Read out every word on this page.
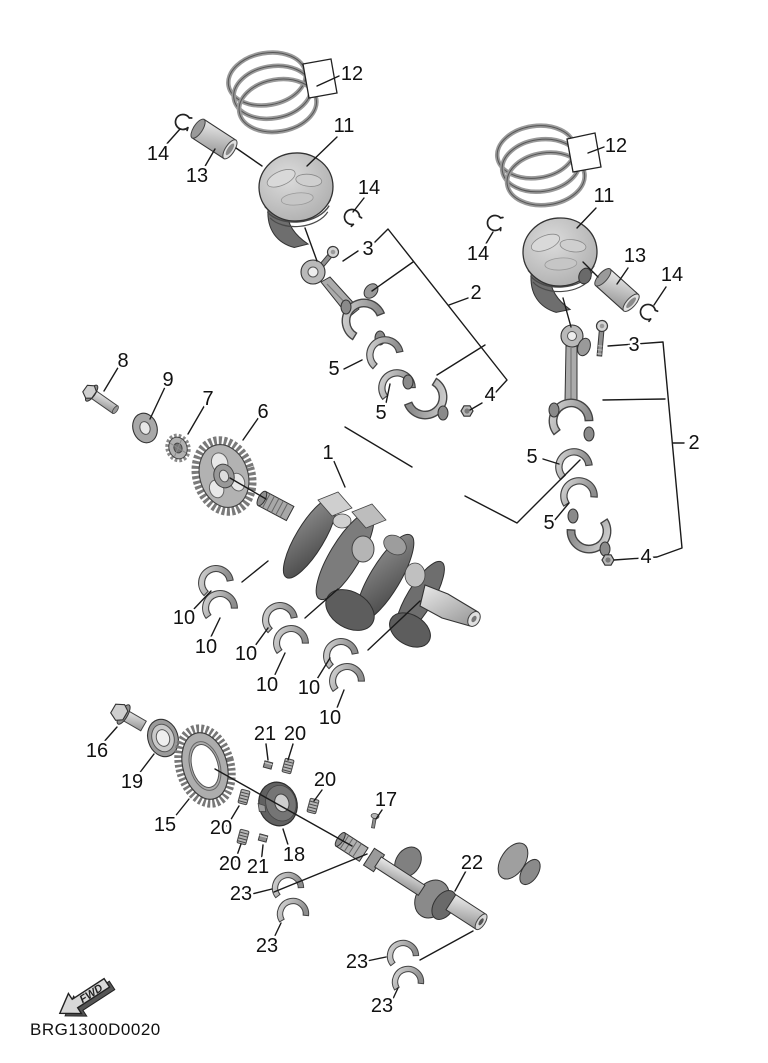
FWD
12
14
13
11
14
3
2
5
5
4
12
11
14	13
14
3
2
5
5
4
8
9
7
6
1
10
10 10
10 10
10
16
19
15
21 20
20
17
18
20
20 21	22
23
23
23
23
BRG1300D0020
